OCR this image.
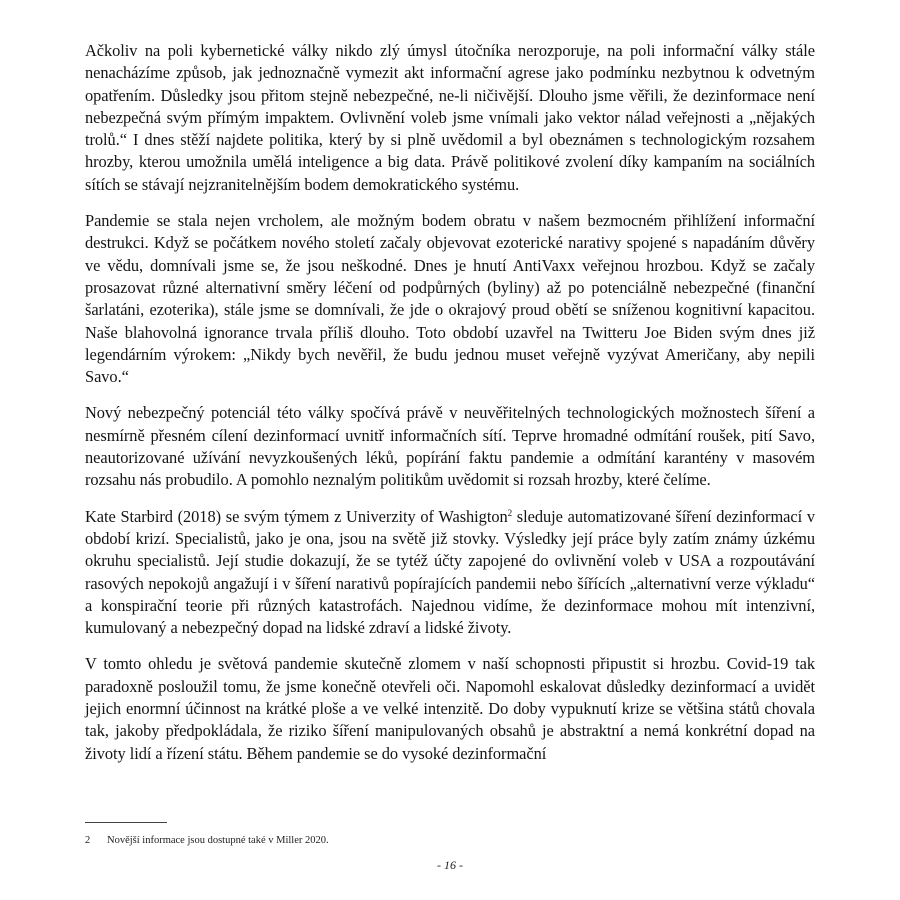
Ačkoliv na poli kybernetické války nikdo zlý úmysl útočníka nerozporuje, na poli informační války stále nenacházíme způsob, jak jednoznačně vymezit akt informační agrese jako podmínku nezbytnou k odvetným opatřením. Důsledky jsou přitom stejně nebezpečné, ne-li ničivější. Dlouho jsme věřili, že dezinformace není nebezpečná svým přímým impaktem. Ovlivnění voleb jsme vnímali jako vektor nálad veřejnosti a „nějakých trolů.“ I dnes stěží najdete politika, který by si plně uvědomil a byl obeznámen s technologickým rozsahem hrozby, kterou umožnila umělá inteligence a big data. Právě politikové zvolení díky kampaním na sociálních sítích se stávají nejzranitelnějším bodem demokratického systému.

Pandemie se stala nejen vrcholem, ale možným bodem obratu v našem bezmocném přihlížení informační destrukci. Když se počátkem nového století začaly objevovat ezoterické narativy spojené s napadáním důvěry ve vědu, domnívali jsme se, že jsou neškodné. Dnes je hnutí AntiVaxx veřejnou hrozbou. Když se začaly prosazovat různé alternativní směry léčení od podpůrných (byliny) až po potenciálně nebezpečné (finanční šarlatáni, ezoterika), stále jsme se domnívali, že jde o okrajový proud obětí se sníženou kognitivní kapacitou. Naše blahovolná ignorance trvala příliš dlouho. Toto období uzavřel na Twitteru Joe Biden svým dnes již legendárním výrokem: „Nikdy bych nevěřil, že budu jednou muset veřejně vyzývat Američany, aby nepili Savo.“

Nový nebezpečný potenciál této války spočívá právě v neuvěřitelných technologických možnostech šíření a nesmírně přesném cílení dezinformací uvnitř informačních sítí. Teprve hromadné odmítání roušek, pití Savo, neautorizované užívání nevyzkoušených léků, popírání faktu pandemie a odmítání karantény v masovém rozsahu nás probudilo. A pomohlo neznalým politikům uvědomit si rozsah hrozby, které čelíme.

Kate Starbird (2018) se svým týmem z Univerzity of Washigton$^2$ sleduje automatizované šíření dezinformací v období krizí. Specialistů, jako je ona, jsou na světě již stovky. Výsledky její práce byly zatím známy úzkému okruhu specialistů. Její studie dokazují, že se tytéž účty zapojené do ovlivnění voleb v USA a rozpoutávání rasových nepokojů angažují i v šíření narativů popírajících pandemii nebo šířících „alternativní verze výkladu“ a konspirační teorie při různých katastrofách. Najednou vidíme, že dezinformace mohou mít intenzivní, kumulovaný a nebezpečný dopad na lidské zdraví a lidské životy.

V tomto ohledu je světová pandemie skutečně zlomem v naší schopnosti připustit si hrozbu. Covid-19 tak paradoxně posloužil tomu, že jsme konečně otevřeli oči. Napomohl eskalovat důsledky dezinformací a uvidět jejich enormní účinnost na krátké ploše a ve velké intenzitě. Do doby vypuknutí krize se většina států chovala tak, jakoby předpokládala, že riziko šíření manipulovaných obsahů je abstraktní a nemá konkrétní dopad na životy lidí a řízení státu. Během pandemie se do vysoké dezinformační

2 Novější informace jsou dostupné také v Miller 2020.
- 16 -
